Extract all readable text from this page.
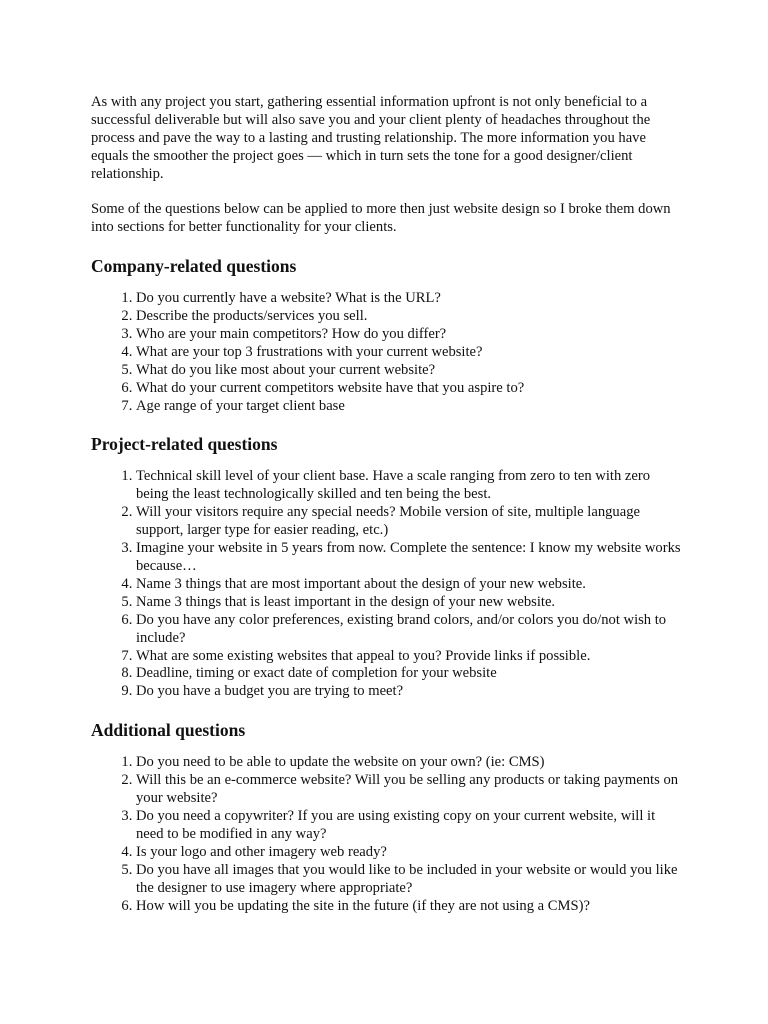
As with any project you start, gathering essential information upfront is not only beneficial to a successful deliverable but will also save you and your client plenty of headaches throughout the process and pave the way to a lasting and trusting relationship. The more information you have equals the smoother the project goes — which in turn sets the tone for a good designer/client relationship.

Some of the questions below can be applied to more then just website design so I broke them down into sections for better functionality for your clients.

Company-related questions
1. Do you currently have a website? What is the URL?
2. Describe the products/services you sell.
3. Who are your main competitors? How do you differ?
4. What are your top 3 frustrations with your current website?
5. What do you like most about your current website?
6. What do your current competitors website have that you aspire to?
7. Age range of your target client base
Project-related questions
1. Technical skill level of your client base. Have a scale ranging from zero to ten with zero being the least technologically skilled and ten being the best.
2. Will your visitors require any special needs? Mobile version of site, multiple language support, larger type for easier reading, etc.)
3. Imagine your website in 5 years from now. Complete the sentence: I know my website works because…
4. Name 3 things that are most important about the design of your new website.
5. Name 3 things that is least important in the design of your new website.
6. Do you have any color preferences, existing brand colors, and/or colors you do/not wish to include?
7. What are some existing websites that appeal to you? Provide links if possible.
8. Deadline, timing or exact date of completion for your website
9. Do you have a budget you are trying to meet?
Additional questions
1. Do you need to be able to update the website on your own? (ie: CMS)
2. Will this be an e-commerce website? Will you be selling any products or taking payments on your website?
3. Do you need a copywriter? If you are using existing copy on your current website, will it need to be modified in any way?
4. Is your logo and other imagery web ready?
5. Do you have all images that you would like to be included in your website or would you like the designer to use imagery where appropriate?
6. How will you be updating the site in the future (if they are not using a CMS)?
